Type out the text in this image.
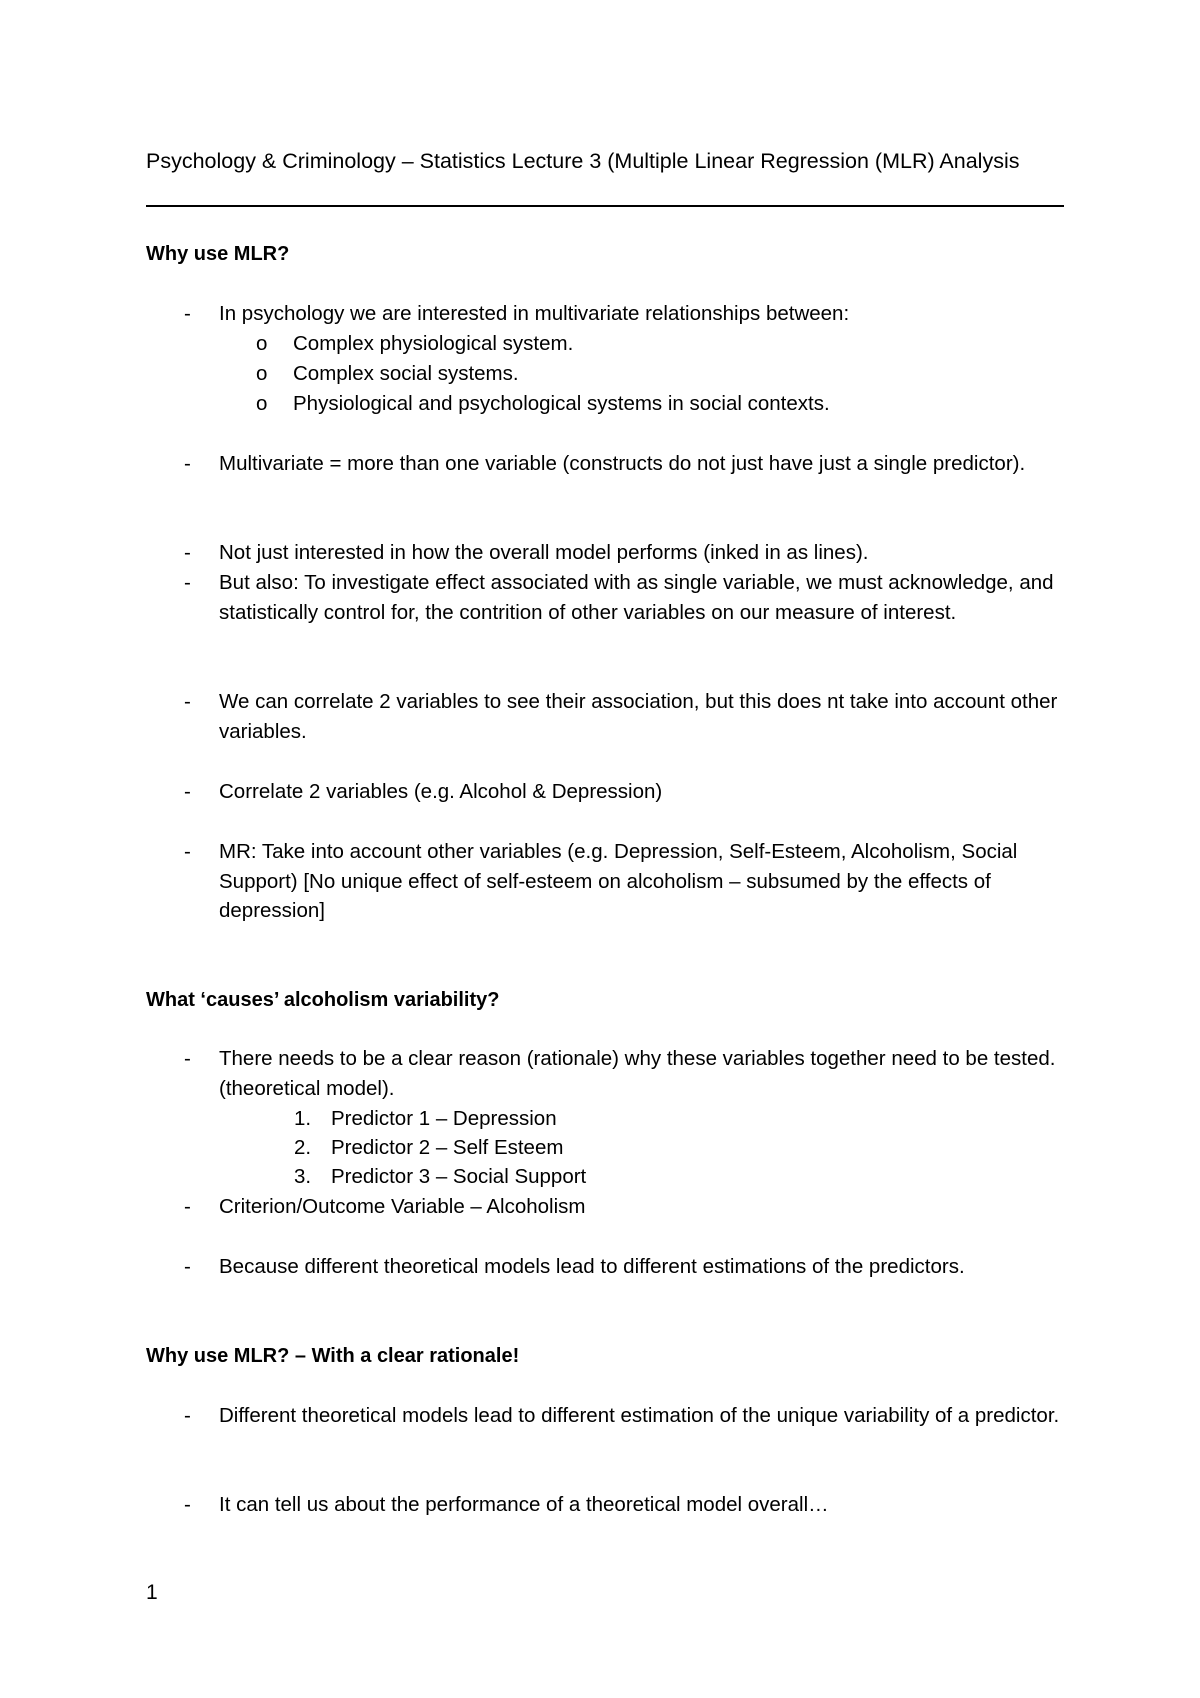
Psychology & Criminology – Statistics Lecture 3 (Multiple Linear Regression (MLR) Analysis
Why use MLR?
- In psychology we are interested in multivariate relationships between:
o Complex physiological system.
o Complex social systems.
o Physiological and psychological systems in social contexts.
- Multivariate = more than one variable (constructs do not just have just a single predictor).
- Not just interested in how the overall model performs (inked in as lines).
- But also: To investigate effect associated with as single variable, we must acknowledge, and statistically control for, the contrition of other variables on our measure of interest.
- We can correlate 2 variables to see their association, but this does nt take into account other variables.
- Correlate 2 variables (e.g. Alcohol & Depression)
- MR: Take into account other variables (e.g. Depression, Self-Esteem, Alcoholism, Social Support) [No unique effect of self-esteem on alcoholism – subsumed by the effects of depression]
What ‘causes’ alcoholism variability?
- There needs to be a clear reason (rationale) why these variables together need to be tested. (theoretical model).
1. Predictor 1 – Depression
2. Predictor 2 – Self Esteem
3. Predictor 3 – Social Support
- Criterion/Outcome Variable – Alcoholism
- Because different theoretical models lead to different estimations of the predictors.
Why use MLR? – With a clear rationale!
- Different theoretical models lead to different estimation of the unique variability of a predictor.
- It can tell us about the performance of a theoretical model overall…
1
